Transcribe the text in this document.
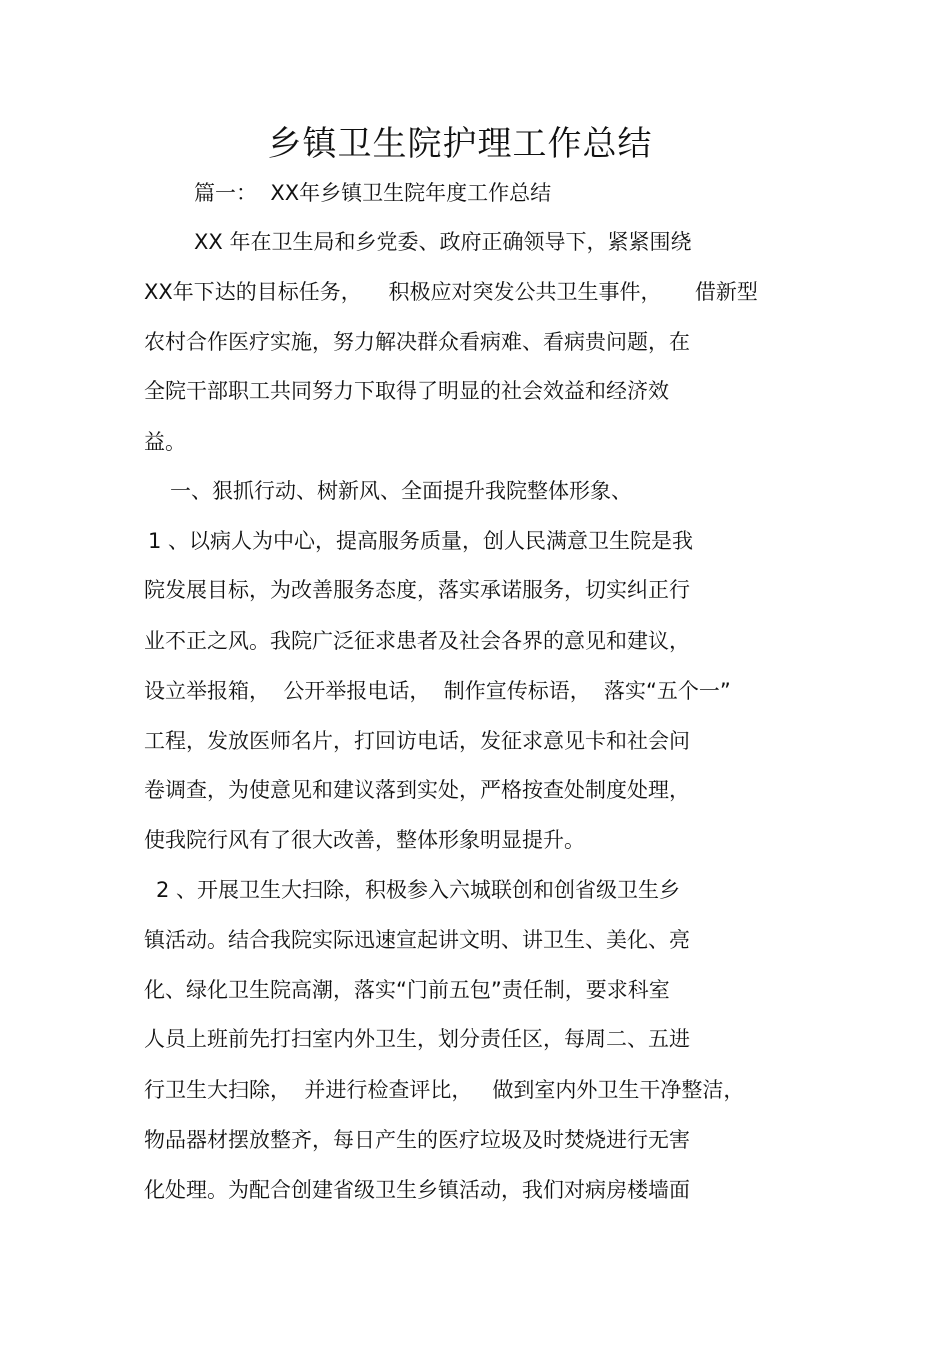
乡镇卫生院护理工作总结
篇一：  XX年乡镇卫生院年度工作总结
XX 年在卫生局和乡党委、政府正确领导下，紧紧围绕
XX年下达的目标任务，    积极应对突发公共卫生事件，     借新型
农村合作医疗实施，努力解决群众看病难、看病贵问题，在
全院干部职工共同努力下取得了明显的社会效益和经济效
益。
一、狠抓行动、树新风、全面提升我院整体形象、
1 、以病人为中心，提高服务质量，创人民满意卫生院是我
院发展目标，为改善服务态度，落实承诺服务，切实纠正行
业不正之风。我院广泛征求患者及社会各界的意见和建议，
设立举报箱，  公开举报电话，  制作宣传标语，  落实“五个一”
工程，发放医师名片，打回访电话，发征求意见卡和社会问
卷调查，为使意见和建议落到实处，严格按查处制度处理，
使我院行风有了很大改善，整体形象明显提升。
2 、开展卫生大扫除，积极参入六城联创和创省级卫生乡
镇活动。结合我院实际迅速宣起讲文明、讲卫生、美化、亮
化、绿化卫生院高潮，落实“门前五包”责任制，要求科室
人员上班前先打扫室内外卫生，划分责任区，每周二、五进
行卫生大扫除，  并进行检查评比，   做到室内外卫生干净整洁，
物品器材摆放整齐，每日产生的医疗垃圾及时焚烧进行无害
化处理。为配合创建省级卫生乡镇活动，我们对病房楼墙面
